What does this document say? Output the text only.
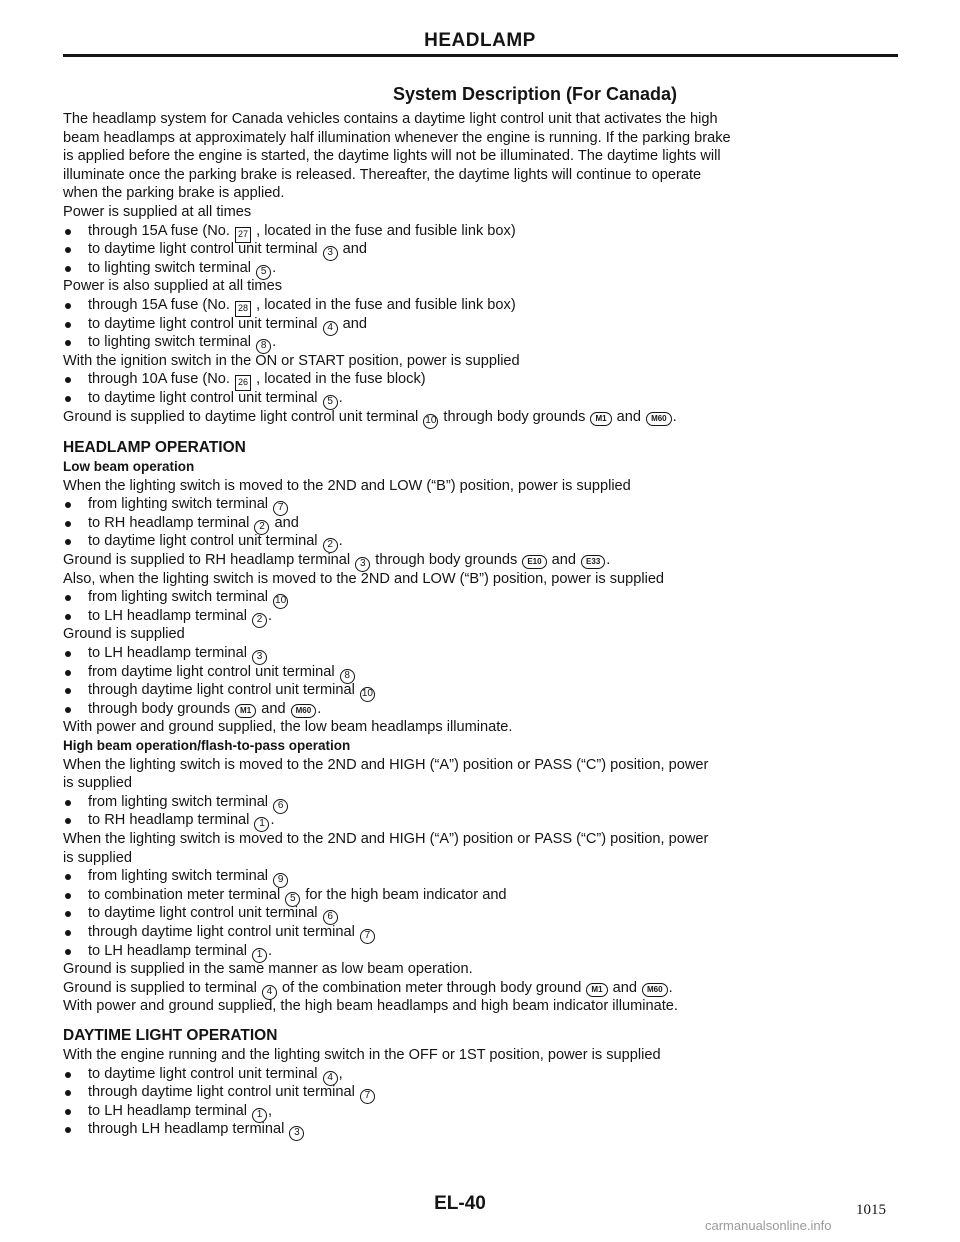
HEADLAMP
System Description (For Canada)
The headlamp system for Canada vehicles contains a daytime light control unit that activates the high
beam headlamps at approximately half illumination whenever the engine is running. If the parking brake
is applied before the engine is started, the daytime lights will not be illuminated. The daytime lights will
illuminate once the parking brake is released. Thereafter, the daytime lights will continue to operate
when the parking brake is applied.
Power is supplied at all times
through 15A fuse (No. 27 , located in the fuse and fusible link box)
to daytime light control unit terminal 3 and
to lighting switch terminal 5 .
Power is also supplied at all times
through 15A fuse (No. 28 , located in the fuse and fusible link box)
to daytime light control unit terminal 4 and
to lighting switch terminal 8 .
With the ignition switch in the ON or START position, power is supplied
through 10A fuse (No. 26 , located in the fuse block)
to daytime light control unit terminal 5 .
Ground is supplied to daytime light control unit terminal 10 through body grounds M1 and M60 .
HEADLAMP OPERATION
Low beam operation
When the lighting switch is moved to the 2ND and LOW (“B”) position, power is supplied
from lighting switch terminal 7
to RH headlamp terminal 2 and
to daytime light control unit terminal 2 .
Ground is supplied to RH headlamp terminal 3 through body grounds E10 and E33 .
Also, when the lighting switch is moved to the 2ND and LOW (“B”) position, power is supplied
from lighting switch terminal 10
to LH headlamp terminal 2 .
Ground is supplied
to LH headlamp terminal 3
from daytime light control unit terminal 8
through daytime light control unit terminal 10
through body grounds M1 and M60 .
With power and ground supplied, the low beam headlamps illuminate.
High beam operation/flash-to-pass operation
When the lighting switch is moved to the 2ND and HIGH (“A”) position or PASS (“C”) position, power
is supplied
from lighting switch terminal 6
to RH headlamp terminal 1 .
When the lighting switch is moved to the 2ND and HIGH (“A”) position or PASS (“C”) position, power
is supplied
from lighting switch terminal 9
to combination meter terminal 5 for the high beam indicator and
to daytime light control unit terminal 6
through daytime light control unit terminal 7
to LH headlamp terminal 1 .
Ground is supplied in the same manner as low beam operation.
Ground is supplied to terminal 4 of the combination meter through body ground M1 and M60 .
With power and ground supplied, the high beam headlamps and high beam indicator illuminate.
DAYTIME LIGHT OPERATION
With the engine running and the lighting switch in the OFF or 1ST position, power is supplied
to daytime light control unit terminal 4 ,
through daytime light control unit terminal 7
to LH headlamp terminal 1 ,
through LH headlamp terminal 3
EL-40	1015
carmanualsonline.info
